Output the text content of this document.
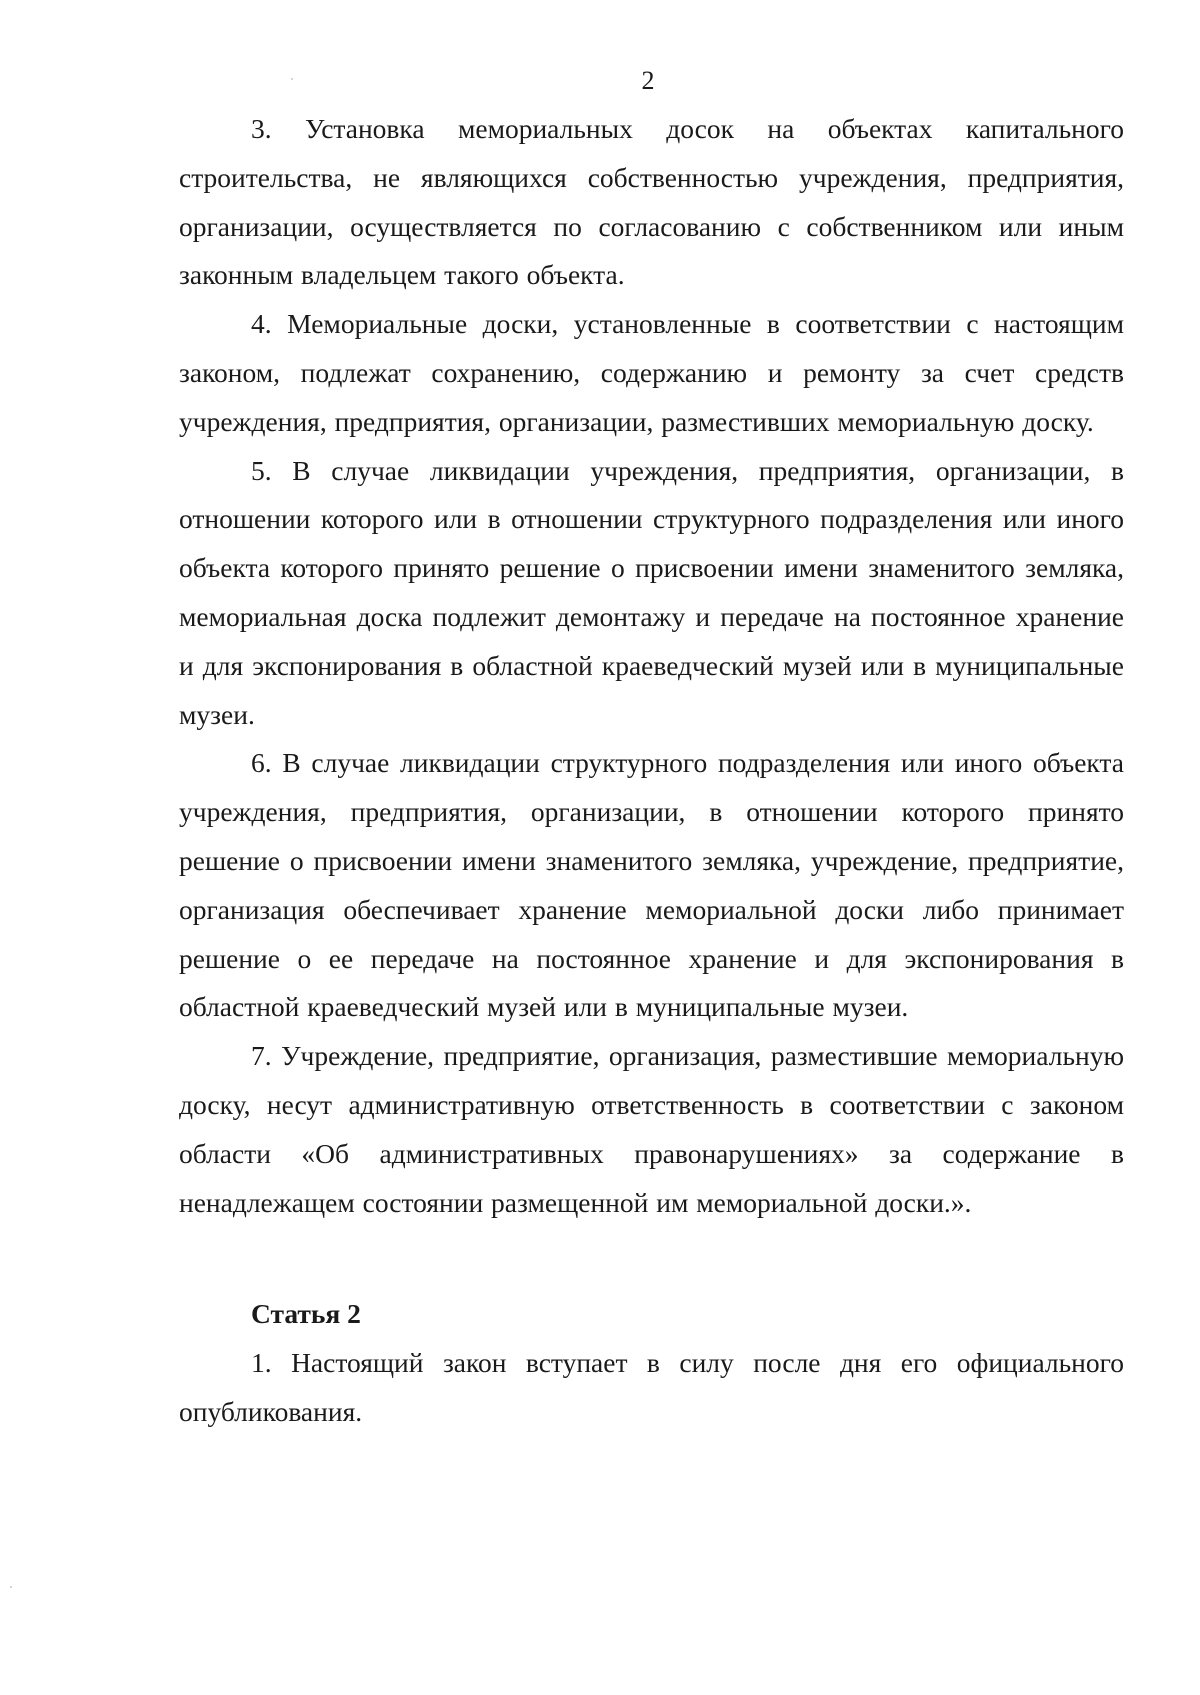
2

3. Установка мемориальных досок на объектах капитального строительства, не являющихся собственностью учреждения, предприятия, организации, осуществляется по согласованию с собственником или иным законным владельцем такого объекта.

4. Мемориальные доски, установленные в соответствии с настоящим законом, подлежат сохранению, содержанию и ремонту за счет средств учреждения, предприятия, организации, разместивших мемориальную доску.

5. В случае ликвидации учреждения, предприятия, организации, в отношении которого или в отношении структурного подразделения или иного объекта которого принято решение о присвоении имени знаменитого земляка, мемориальная доска подлежит демонтажу и передаче на постоянное хранение и для экспонирования в областной краеведческий музей или в муниципальные музеи.

6. В случае ликвидации структурного подразделения или иного объекта учреждения, предприятия, организации, в отношении которого принято решение о присвоении имени знаменитого земляка, учреждение, предприятие, организация обеспечивает хранение мемориальной доски либо принимает решение о ее передаче на постоянное хранение и для экспонирования в областной краеведческий музей или в муниципальные музеи.

7. Учреждение, предприятие, организация, разместившие мемориальную доску, несут административную ответственность в соответствии с законом области «Об административных правонарушениях» за содержание в ненадлежащем состоянии размещенной им мемориальной доски.».

Статья 2

1. Настоящий закон вступает в силу после дня его официального опубликования.
